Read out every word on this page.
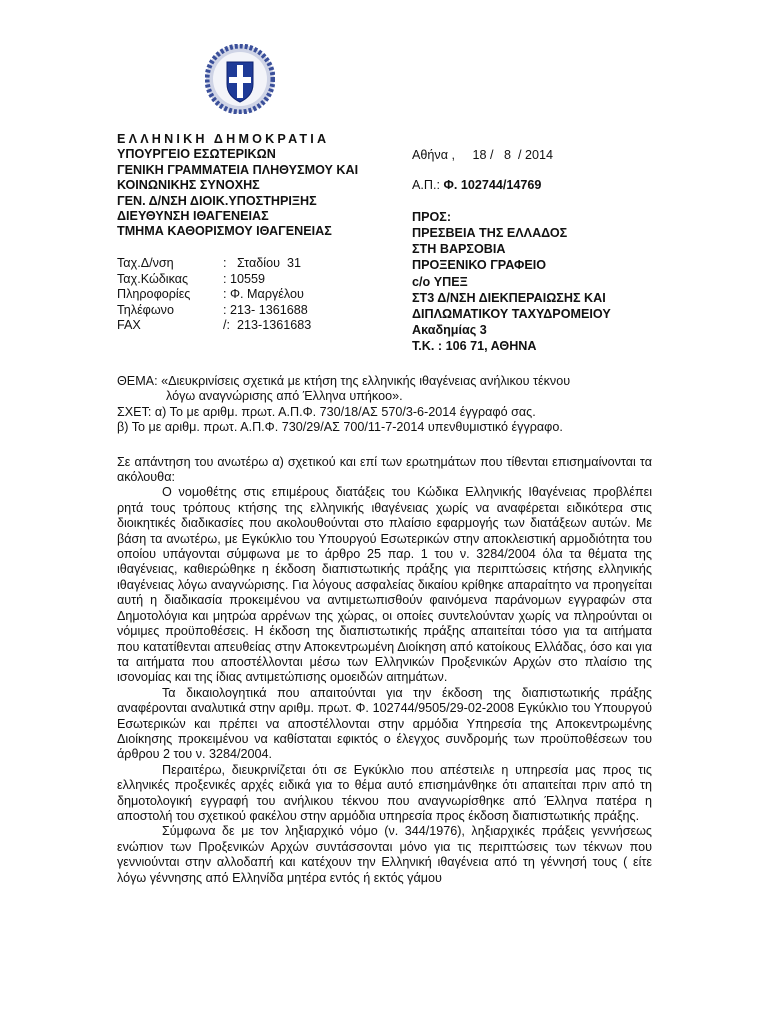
ΕΛΛΗΝΙΚΗ ΔΗΜΟΚΡΑΤΙΑ
ΥΠΟΥΡΓΕΙΟ ΕΣΩΤΕΡΙΚΩΝ
ΓΕΝΙΚΗ ΓΡΑΜΜΑΤΕΙΑ ΠΛΗΘΥΣΜΟΥ ΚΑΙ
ΚΟΙΝΩΝΙΚΗΣ ΣΥΝΟΧΗΣ
ΓΕΝ. Δ/ΝΣΗ ΔΙΟΙΚ.ΥΠΟΣΤΗΡΙΞΗΣ
ΔΙΕΥΘΥΝΣΗ ΙΘΑΓΕΝΕΙΑΣ
ΤΜΗΜΑ ΚΑΘΟΡΙΣΜΟΥ ΙΘΑΓΕΝΕΙΑΣ
Αθήνα ,     18 /   8  / 2014
Α.Π.: Φ. 102744/14769
ΠΡΟΣ:
ΠΡΕΣΒΕΙΑ ΤΗΣ ΕΛΛΑΔΟΣ
ΣΤΗ ΒΑΡΣΟΒΙΑ
ΠΡΟΞΕΝΙΚΟ ΓΡΑΦΕΙΟ
c/o ΥΠΕΞ
ΣΤ3 Δ/ΝΣΗ ΔΙΕΚΠΕΡΑΙΩΣΗΣ ΚΑΙ
ΔΙΠΛΩΜΑΤΙΚΟΥ ΤΑΧΥΔΡΟΜΕΙΟΥ
Ακαδημίας 3
Τ.Κ. : 106 71, ΑΘΗΝΑ
Ταχ.Δ/νση	:   Σταδίου  31
Ταχ.Κώδικας	: 10559
Πληροφορίες	: Φ. Μαργέλου
Τηλέφωνο	: 213- 1361688
FAX	/:  213-1361683
ΘΕΜΑ: «Διευκρινίσεις σχετικά με κτήση της ελληνικής ιθαγένειας ανήλικου τέκνου
λόγω αναγνώρισης από Έλληνα υπήκοο».
ΣΧΕΤ: α) Το με αριθμ. πρωτ. Α.Π.Φ. 730/18/ΑΣ 570/3-6-2014 έγγραφό σας.
β) Το με αριθμ. πρωτ. Α.Π.Φ. 730/29/ΑΣ 700/11-7-2014 υπενθυμιστικό έγγραφο.

Σε απάντηση του ανωτέρω α) σχετικού και επί των ερωτημάτων που τίθενται επισημαίνονται τα ακόλουθα:

Ο νομοθέτης στις επιμέρους διατάξεις του Κώδικα Ελληνικής Ιθαγένειας προβλέπει ρητά τους τρόπους κτήσης της ελληνικής ιθαγένειας χωρίς να αναφέρεται ειδικότερα στις διοικητικές διαδικασίες που ακολουθούνται στο πλαίσιο εφαρμογής των διατάξεων αυτών. Με βάση τα ανωτέρω, με Εγκύκλιο του Υπουργού Εσωτερικών στην αποκλειστική αρμοδιότητα του οποίου υπάγονται σύμφωνα με το άρθρο 25 παρ. 1 του ν. 3284/2004 όλα τα θέματα της ιθαγένειας, καθιερώθηκε η έκδοση διαπιστωτικής πράξης για περιπτώσεις κτήσης ελληνικής ιθαγένειας λόγω αναγνώρισης. Για λόγους ασφαλείας δικαίου κρίθηκε απαραίτητο να προηγείται αυτή η διαδικασία προκειμένου να αντιμετωπισθούν φαινόμενα παράνομων εγγραφών στα Δημοτολόγια και μητρώα αρρένων της χώρας, οι οποίες συντελούνταν χωρίς να πληρούνται οι νόμιμες προϋποθέσεις. Η έκδοση της διαπιστωτικής πράξης απαιτείται τόσο για τα αιτήματα που κατατίθενται απευθείας στην Αποκεντρωμένη Διοίκηση από κατοίκους Ελλάδας, όσο και για τα αιτήματα που αποστέλλονται μέσω των Ελληνικών Προξενικών Αρχών στο πλαίσιο της ισονομίας και της ίδιας αντιμετώπισης ομοειδών αιτημάτων.

Τα δικαιολογητικά που απαιτούνται για την έκδοση της διαπιστωτικής πράξης αναφέρονται αναλυτικά στην αριθμ. πρωτ. Φ. 102744/9505/29-02-2008 Εγκύκλιο του Υπουργού Εσωτερικών και πρέπει να αποστέλλονται στην αρμόδια Υπηρεσία της Αποκεντρωμένης Διοίκησης προκειμένου να καθίσταται εφικτός ο έλεγχος συνδρομής των προϋποθέσεων του άρθρου 2 του ν. 3284/2004.

Περαιτέρω, διευκρινίζεται ότι σε Εγκύκλιο που απέστειλε η υπηρεσία μας προς τις ελληνικές προξενικές αρχές ειδικά για το θέμα αυτό επισημάνθηκε ότι απαιτείται πριν από τη δημοτολογική εγγραφή του ανήλικου τέκνου που αναγνωρίσθηκε από Έλληνα πατέρα η αποστολή του σχετικού φακέλου στην αρμόδια υπηρεσία προς έκδοση διαπιστωτικής πράξης.

Σύμφωνα δε με τον ληξιαρχικό νόμο (ν. 344/1976), ληξιαρχικές πράξεις γεννήσεως ενώπιον των Προξενικών Αρχών συντάσσονται μόνο για τις περιπτώσεις των τέκνων που γεννιούνται στην αλλοδαπή και κατέχουν την Ελληνική ιθαγένεια από τη γέννησή τους ( είτε λόγω γέννησης από Ελληνίδα μητέρα εντός ή εκτός γάμου
